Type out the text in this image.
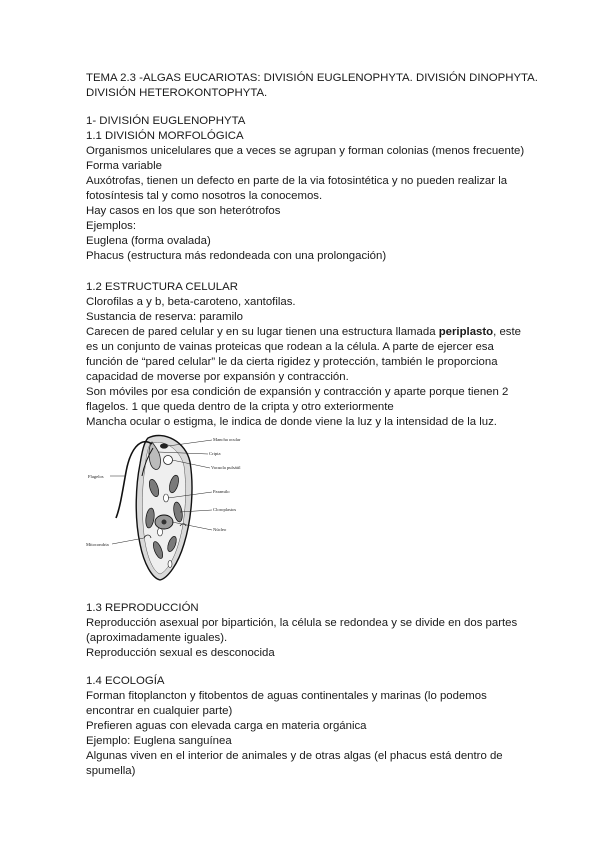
TEMA 2.3 -ALGAS EUCARIOTAS: DIVISIÓN EUGLENOPHYTA. DIVISIÓN DINOPHYTA.

DIVISIÓN HETEROKONTOPHYTA.

1- DIVISIÓN EUGLENOPHYTA

1.1 DIVISIÓN MORFOLÓGICA

Organismos unicelulares que a veces se agrupan y forman colonias (menos frecuente)

Forma variable

Auxótrofas, tienen un defecto en parte de la via fotosintética y no pueden realizar la

fotosíntesis tal y como nosotros la conocemos.

Hay casos en los que son heterótrofos

Ejemplos:

Euglena (forma ovalada)

Phacus (estructura más redondeada con una prolongación)

1.2 ESTRUCTURA CELULAR

Clorofilas a y b, beta-caroteno, xantofilas.

Sustancia de reserva: paramilo

Carecen de pared celular y en su lugar tienen una estructura llamada periplasto, este

es un conjunto de vainas proteicas que rodean a la célula. A parte de ejercer esa

función de “pared celular” le da cierta rigidez y protección, también le proporciona

capacidad de moverse por expansión y contracción.

Son móviles por esa condición de expansión y contracción y aparte porque tienen 2

flagelos. 1 que queda dentro de la cripta y otro exteriormente

Mancha ocular o estigma, le indica de donde viene la luz y la intensidad de la luz.

Mancha ocular
Cripta
Vacuola pulsátil
Flagelos
Paramilo
Cloroplastos
Núcleo
Mitocondria

1.3 REPRODUCCIÓN

Reproducción asexual por bipartición, la célula se redondea y se divide en dos partes

(aproximadamente iguales).

Reproducción sexual es desconocida

1.4 ECOLOGÍA

Forman fitoplancton y fitobentos de aguas continentales y marinas (lo podemos

encontrar en cualquier parte)

Prefieren aguas con elevada carga en materia orgánica

Ejemplo: Euglena sanguínea

Algunas viven en el interior de animales y de otras algas (el phacus está dentro de

spumella)
